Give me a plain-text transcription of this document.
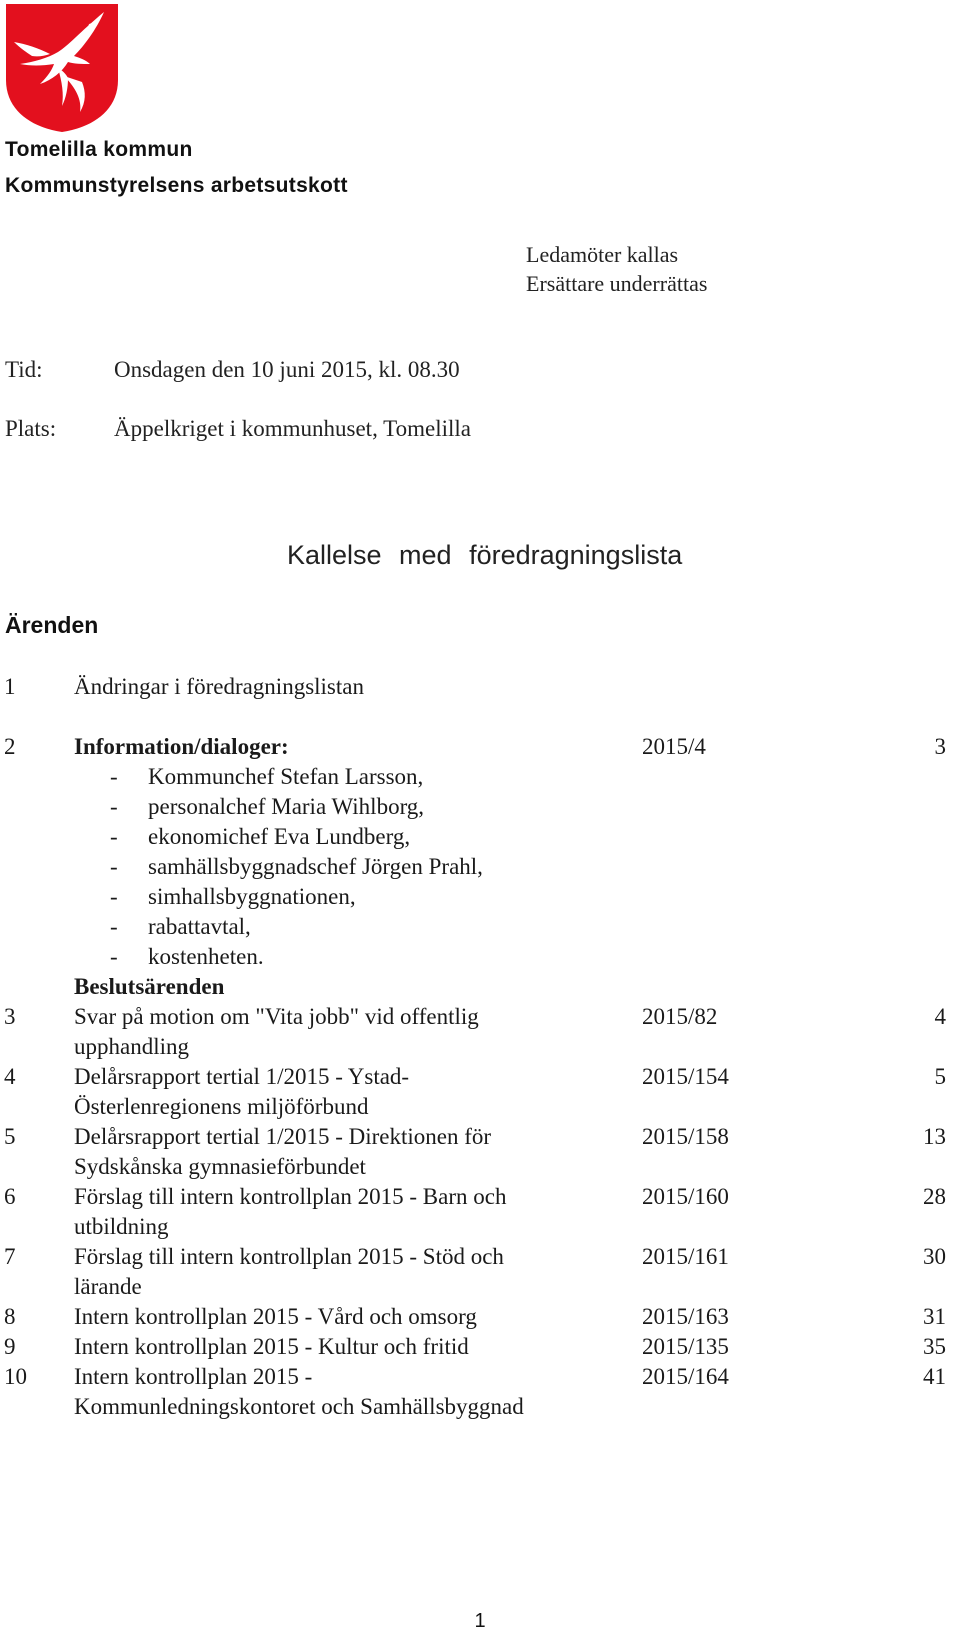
Tomelilla kommun
Kommunstyrelsens arbetsutskott
Ledamöter kallas
Ersättare underrättas
Tid:	Onsdagen den 10 juni 2015, kl. 08.30
Plats:	Äppelkriget i kommunhuset, Tomelilla
Kallelse med föredragningslista
Ärenden
1	Ändringar i föredragningslistan
2	Information/dialoger:	2015/4	3
- Kommunchef Stefan Larsson,
- personalchef Maria Wihlborg,
- ekonomichef Eva Lundberg,
- samhällsbyggnadschef Jörgen Prahl,
- simhallsbyggnationen,
- rabattavtal,
- kostenheten.
Beslutsärenden
3	Svar på motion om "Vita jobb" vid offentlig
upphandling
2015/82	4
4	Delårsrapport tertial 1/2015 - Ystad-
Österlenregionens miljöförbund
2015/154	5
5	Delårsrapport tertial 1/2015 - Direktionen för
Sydskånska gymnasieförbundet
2015/158	13
6	Förslag till intern kontrollplan 2015 - Barn och
utbildning
2015/160	28
7	Förslag till intern kontrollplan 2015 - Stöd och
lärande
2015/161	30
8	Intern kontrollplan 2015 - Vård och omsorg	2015/163	31
9	Intern kontrollplan 2015 - Kultur och fritid	2015/135	35
10 Intern kontrollplan 2015 -
Kommunledningskontoret och Samhällsbyggnad
2015/164	41
1
